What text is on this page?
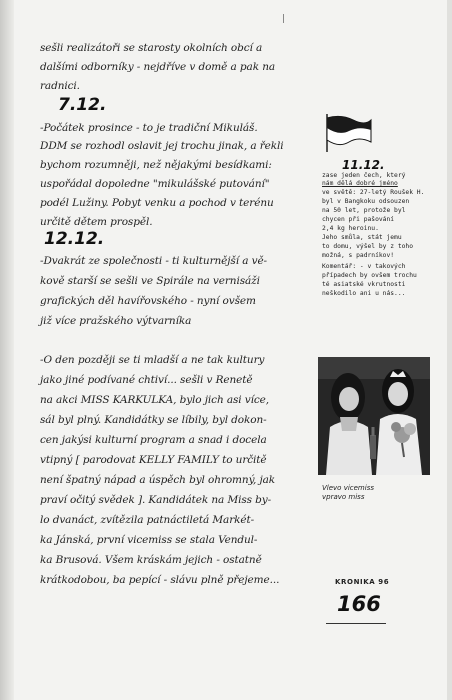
sešli realizátoři se starosty okolních obcí a
dalšími odborníky - nejdříve v domě a pak na
radnici.
7.12.
-Počátek prosince - to je tradiční Mikuláš.
DDM se rozhodl oslavit jej trochu jinak, a řekli
bychom rozumněji, než nějakými besídkami:
uspořádal dopoledne "mikulášské putování"
podél Lužiny. Pobyt venku a pochod v terénu
určitě dětem prospěl.
12.12.
-Dvakrát ze společnosti - ti kulturnější a vě-
kově starší se sešli ve Spirále na vernisáži
grafických děl havířovského - nyní ovšem
již více pražského výtvarníka
-O den později se ti mladší a ne tak kultury
jako jiné podívané chtiví... sešli v Renetě
na akci MISS KARKULKA, bylo jich asi více,
sál byl plný. Kandidátky se líbily, byl dokon-
cen jakýsi kulturní program a snad i docela
vtipný [ parodovat KELLY FAMILY to určitě
není špatný nápad a úspěch byl ohromný, jak
praví očitý svědek ]. Kandidátek na Miss by-
lo dvanáct, zvítězila patnáctiletá Markét-
ka Jánská, první vicemiss se stala Vendul-
ka Brusová. Všem kráskám jejich - ostatně
krátkodobou, ba pepící - slávu plně přejeme...
11.12.
zase jeden čech, který
nám dělá dobré jméno
ve světě: 27-letý Roušek H.
byl v Bangkoku odsouzen
na 50 let, protože byl
chycen při pašování
2,4 kg heroinu.
Jeho smůla, stát jemu
to domu, výšel by z toho
možná, s padrníkov!
Komentář: - v takových
případech by ovšem trochu
té asiatské vkrutnosti
neškodilo ani u nás...
Vlevo vicemiss
vpravo miss
KRONIKA 96
166
